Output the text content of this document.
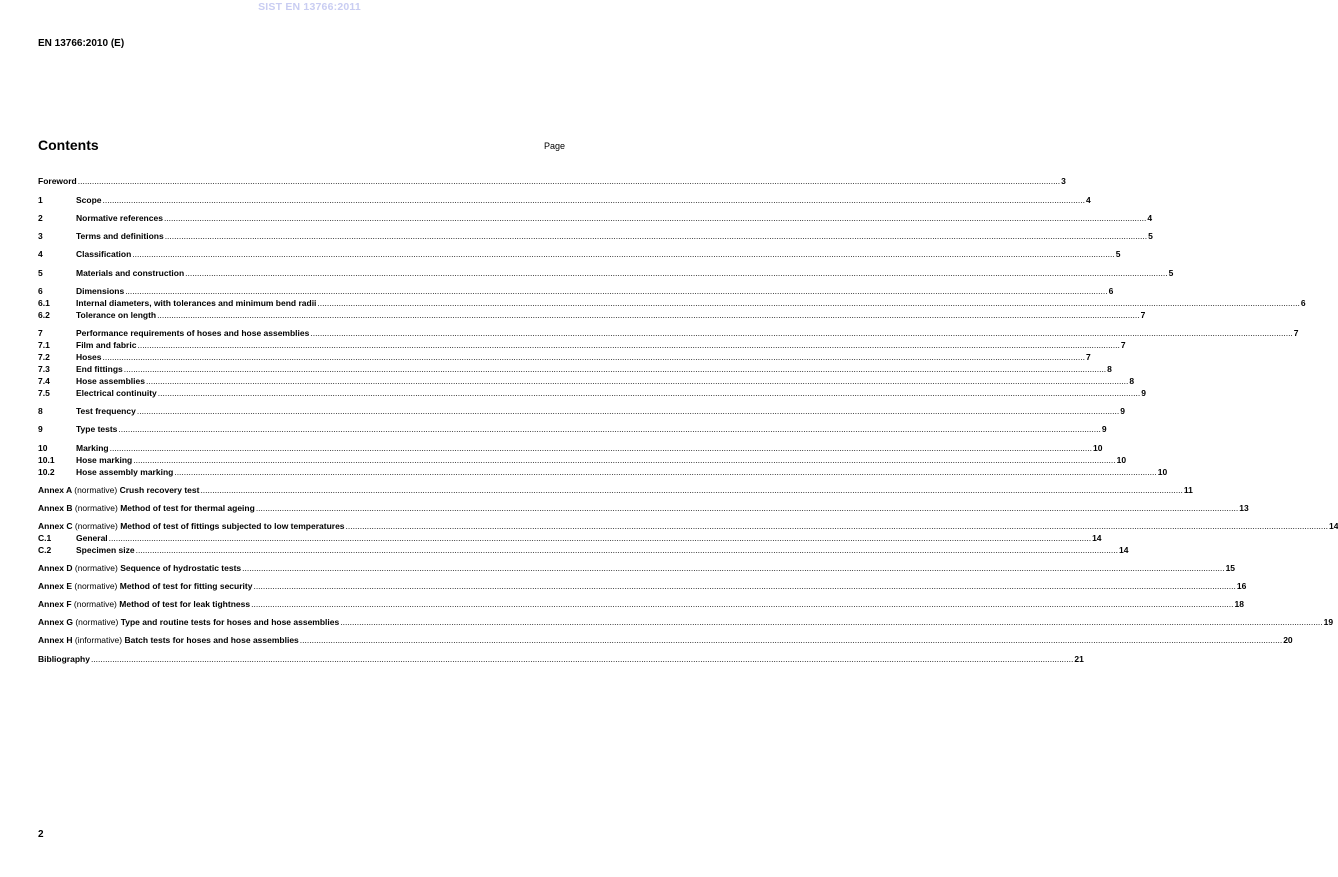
SIST EN 13766:2011
EN 13766:2010 (E)
Contents	Page
Foreword .....	3
1	Scope .....	4
2	Normative references .....	4
3	Terms and definitions .....	5
4	Classification .....	5
5	Materials and construction .....	5
6	Dimensions .....	6
6.1	Internal diameters, with tolerances and minimum bend radii .....	6
6.2	Tolerance on length .....	7
7	Performance requirements of hoses and hose assemblies .....	7
7.1	Film and fabric .....	7
7.2	Hoses .....	7
7.3	End fittings .....	8
7.4	Hose assemblies .....	8
7.5	Electrical continuity .....	9
8	Test frequency .....	9
9	Type tests .....	9
10	Marking .....	10
10.1	Hose marking .....	10
10.2	Hose assembly marking .....	10
Annex A (normative) Crush recovery test .....	11
Annex B (normative) Method of test for thermal ageing .....	13
Annex C (normative) Method of test of fittings subjected to low temperatures .....	14
C.1	General .....	14
C.2	Specimen size .....	14
Annex D (normative) Sequence of hydrostatic tests .....	15
Annex E (normative) Method of test for fitting security .....	16
Annex F (normative) Method of test for leak tightness .....	18
Annex G (normative) Type and routine tests for hoses and hose assemblies .....	19
Annex H (informative) Batch tests for hoses and hose assemblies .....	20
Bibliography .....	21
2
